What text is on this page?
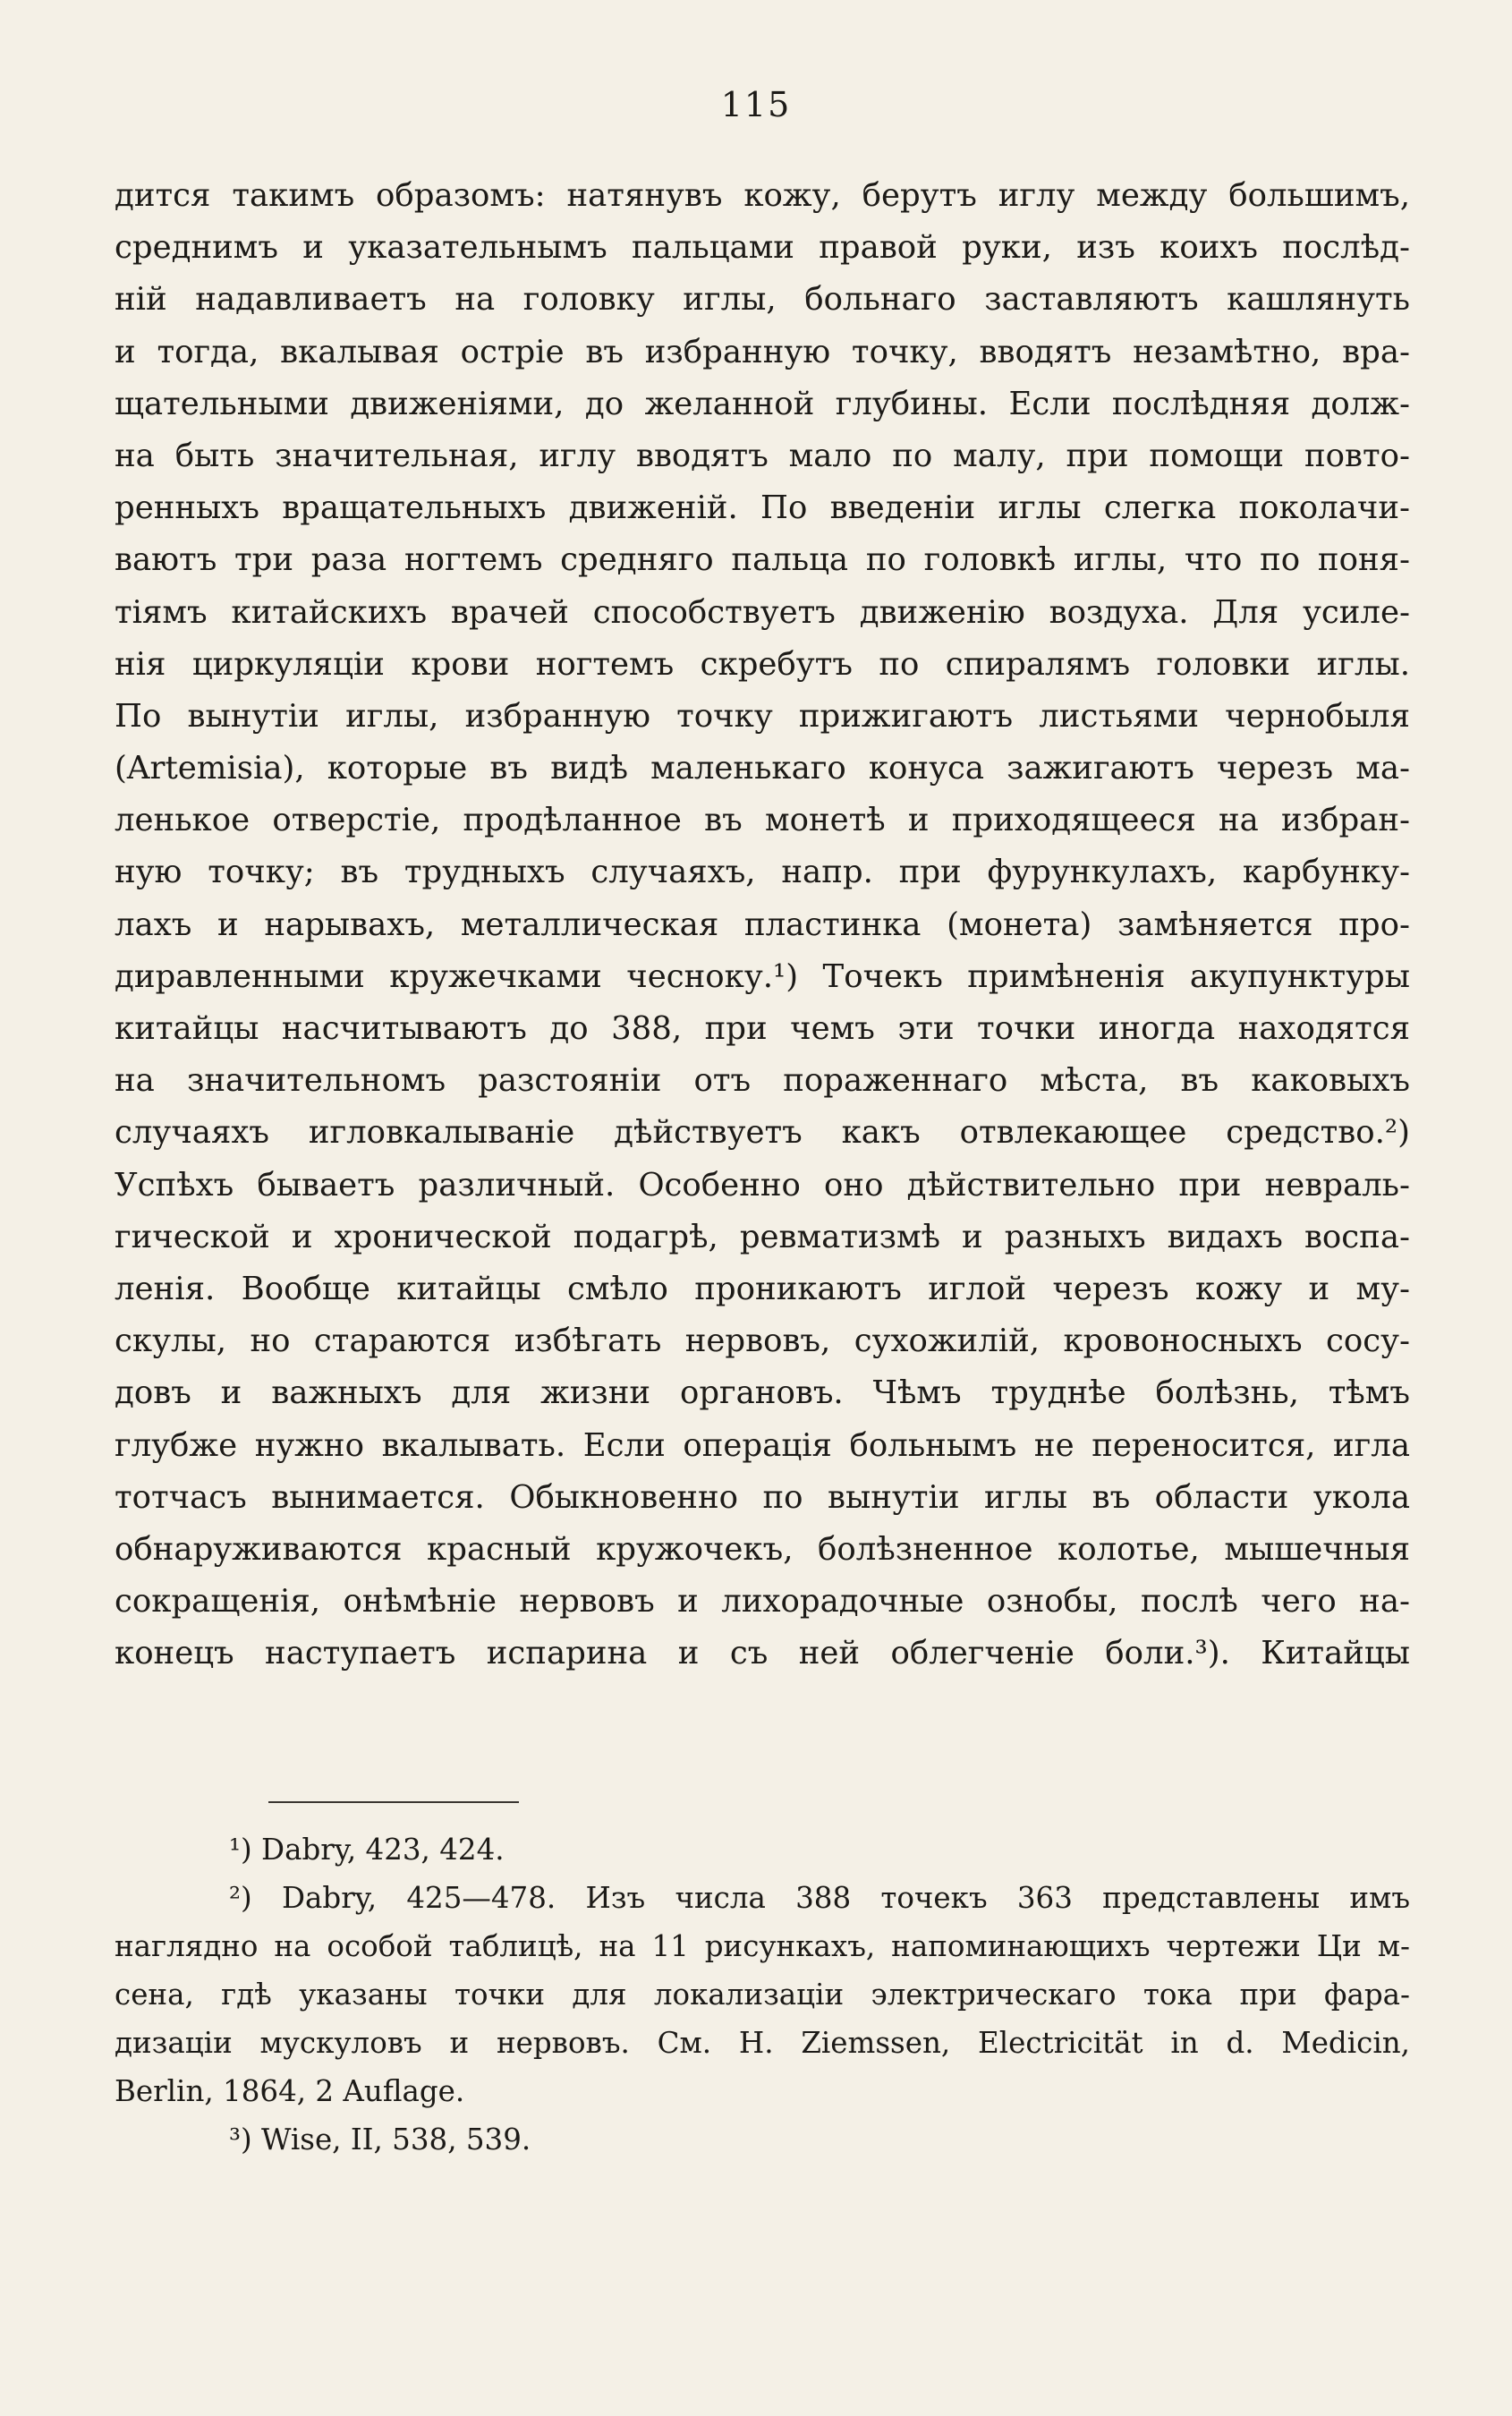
115
дится такимъ образомъ: натянувъ кожу, берутъ иглу между большимъ,
среднимъ и указательнымъ пальцами правой руки, изъ коихъ послѣд-
нiй надавливаетъ на головку иглы, больнаго заставляютъ кашлянуть
и тогда, вкалывая остріе въ избранную точку, вводятъ незамѣтно, вра-
щательными движеніями, до желанной глубины. Если послѣдняя долж-
на быть значительная, иглу вводятъ мало по малу, при помощи повто-
ренныхъ вращательныхъ движеній. По введеніи иглы слегка поколачи-
ваютъ три раза ногтемъ средняго пальца по головкѣ иглы, что по поня-
тіямъ китайскихъ врачей способствуетъ движенію воздуха. Для усиле-
нія циркуляціи крови ногтемъ скребутъ по спиралямъ головки иглы.
По вынутіи иглы, избранную точку прижигаютъ листьями чернобыля
(Artemisia), которые въ видѣ маленькаго конуса зажигаютъ черезъ ма-
ленькое отверстіе, продѣланное въ монетѣ и приходящееся на избран-
ную точку; въ трудныхъ случаяхъ, напр. при фурункулахъ, карбунку-
лахъ и нарывахъ, металлическая пластинка (монета) замѣняется про-
диравленными кружечками чесноку.¹) Точекъ примѣненія акупунктуры
китайцы насчитываютъ до 388, при чемъ эти точки иногда находятся
на значительномъ разстояніи отъ пораженнаго мѣста, въ каковыхъ
случаяхъ игловкалываніе дѣйствуетъ какъ отвлекающее средство.²)
Успѣхъ бываетъ различный. Особенно оно дѣйствительно при невраль-
гической и хронической подагрѣ, ревматизмѣ и разныхъ видахъ воспа-
ленія. Вообще китайцы смѣло проникаютъ иглой черезъ кожу и му-
скулы, но стараются избѣгать нервовъ, сухожилій, кровоносныхъ сосу-
довъ и важныхъ для жизни органовъ. Чѣмъ труднѣе болѣзнь, тѣмъ
глубже нужно вкалывать. Если операція больнымъ не переносится, игла
тотчасъ вынимается. Обыкновенно по вынутіи иглы въ области укола
обнаруживаются красный кружочекъ, болѣзненное колотье, мышечныя
сокращенія, онѣмѣніе нервовъ и лихорадочные ознобы, послѣ чего на-
конецъ наступаетъ испарина и съ ней облегченіе боли.³). Китайцы
¹) Dabry, 423, 424.
²) Dabry, 425—478. Изъ числа 388 точекъ 363 представлены имъ
наглядно на особой таблицѣ, на 11 рисункахъ, напоминающихъ чертежи Ци м-
сена, гдѣ указаны точки для локализаціи электрическаго тока при фара-
дизаціи мускуловъ и нервовъ. См. H. Ziemssen, Electricität in d. Medicin,
Berlin, 1864, 2 Auflage.
³) Wise, II, 538, 539.
